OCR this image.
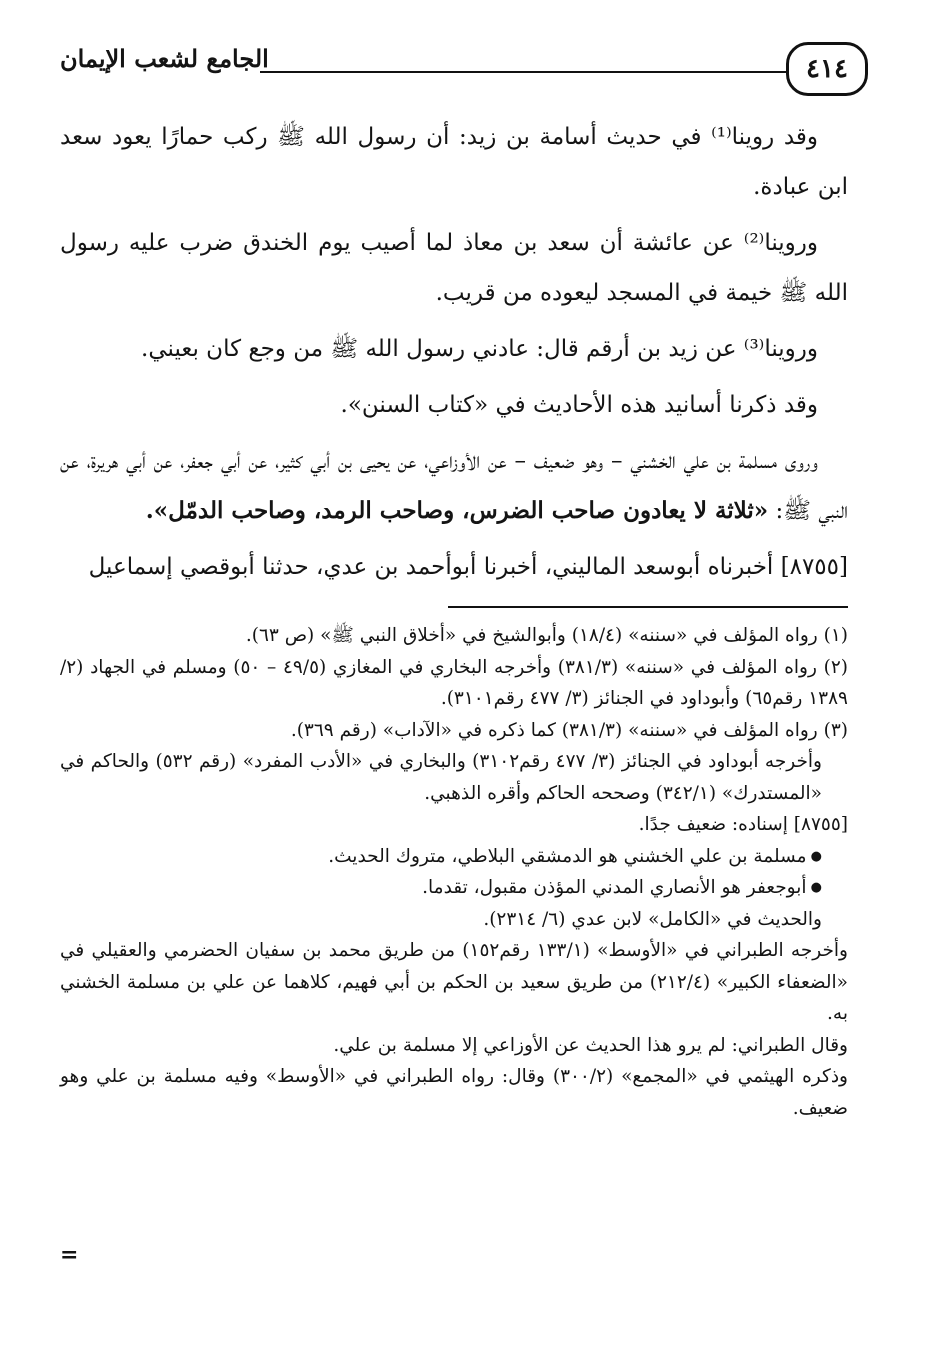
٤١٤
الجامع لشعب الإيمان

وقد روينا⁽¹⁾ في حديث أسامة بن زيد: أن رسول الله ﷺ ركب حمارًا يعود سعد ابن عبادة.

وروينا⁽²⁾ عن عائشة أن سعد بن معاذ لما أصيب يوم الخندق ضرب عليه رسول الله ﷺ خيمة في المسجد ليعوده من قريب.

وروينا⁽³⁾ عن زيد بن أرقم قال: عادني رسول الله ﷺ من وجع كان بعيني.

وقد ذكرنا أسانيد هذه الأحاديث في «كتاب السنن».

وروى مسلمة بن علي الخشني – وهو ضعيف – عن الأوزاعي، عن يحيى بن أبي كثير، عن أبي جعفر، عن أبي هريرة، عن النبي ﷺ: «ثلاثة لا يعادون صاحب الضرس، وصاحب الرمد، وصاحب الدمّل».

[٨٧٥٥] أخبرناه أبوسعد الماليني، أخبرنا أبوأحمد بن عدي، حدثنا أبوقصي إسماعيل

(١) رواه المؤلف في «سننه» (١٨/٤) وأبوالشيخ في «أخلاق النبي ﷺ» (ص ٦٣).
(٢) رواه المؤلف في «سننه» (٣٨١/٣) وأخرجه البخاري في المغازي (٤٩/٥ – ٥٠) ومسلم في الجهاد (٢/ ١٣٨٩ رقم٦٥) وأبوداود في الجنائز (٣/ ٤٧٧ رقم٣١٠١).
(٣) رواه المؤلف في «سننه» (٣٨١/٣) كما ذكره في «الآداب» (رقم ٣٦٩).
وأخرجه أبوداود في الجنائز (٣/ ٤٧٧ رقم٣١٠٢) والبخاري في «الأدب المفرد» (رقم ٥٣٢) والحاكم في «المستدرك» (٣٤٢/١) وصححه الحاكم وأقره الذهبي.
[٨٧٥٥] إسناده: ضعيف جدًا.
● مسلمة بن علي الخشني هو الدمشقي البلاطي، متروك الحديث.
● أبوجعفر هو الأنصاري المدني المؤذن مقبول، تقدما.
والحديث في «الكامل» لابن عدي (٦/ ٢٣١٤).
وأخرجه الطبراني في «الأوسط» (١٣٣/١ رقم١٥٢) من طريق محمد بن سفيان الحضرمي والعقيلي في «الضعفاء الكبير» (٢١٢/٤) من طريق سعيد بن الحكم بن أبي فهيم، كلاهما عن علي بن مسلمة الخشني به.
وقال الطبراني: لم يرو هذا الحديث عن الأوزاعي إلا مسلمة بن علي.
وذكره الهيثمي في «المجمع» (٣٠٠/٢) وقال: رواه الطبراني في «الأوسط» وفيه مسلمة بن علي وهو ضعيف.
=
